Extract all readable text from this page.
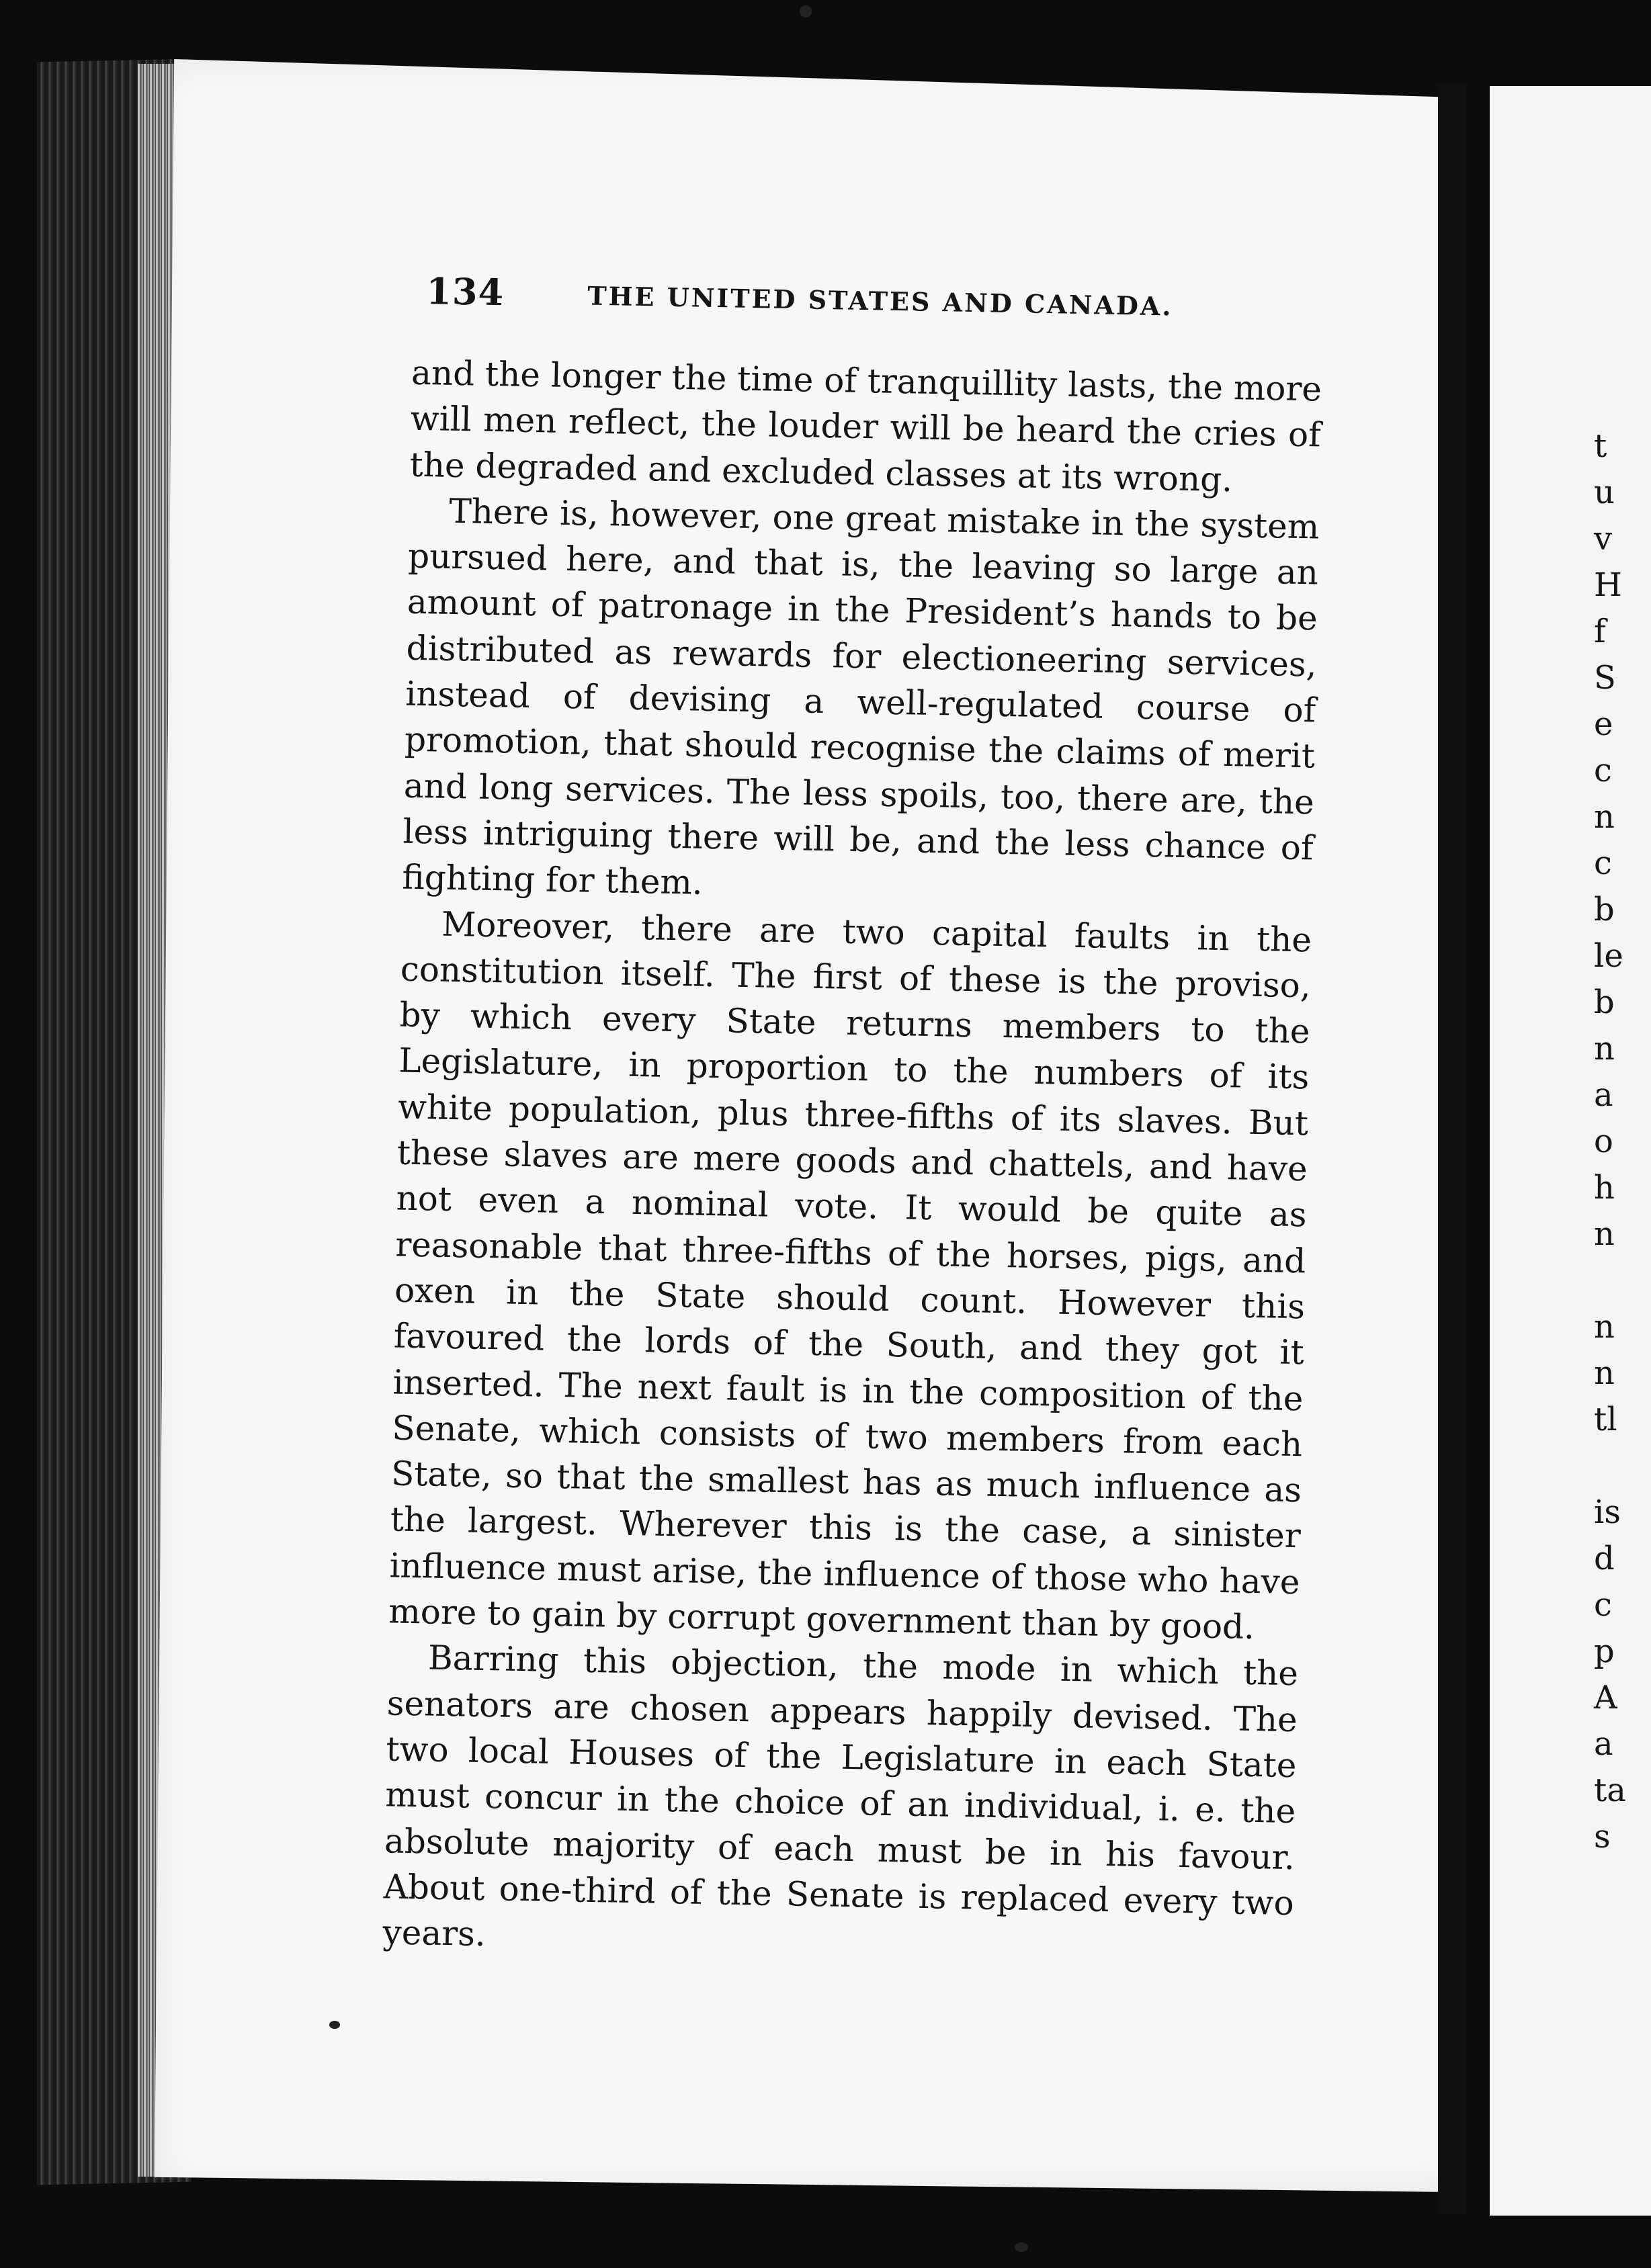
t
u
v
H
f
S
e
c
n
c
b
le
b
n
a
o
h
n
n
n
tl
is
d
c
p
A
a
ta
s
134	THE UNITED STATES AND CANADA.

and the longer the time of tranquillity lasts, the more will men reflect, the louder will be heard the cries of the degraded and excluded classes at its wrong.

There is, however, one great mistake in the system pursued here, and that is, the leaving so large an amount of patronage in the President’s hands to be distributed as rewards for electioneering services, instead of devising a well-regulated course of promotion, that should recognise the claims of merit and long services. The less spoils, too, there are, the less intriguing there will be, and the less chance of fighting for them.

Moreover, there are two capital faults in the constitution itself. The first of these is the proviso, by which every State returns members to the Legislature, in proportion to the numbers of its white population, plus three-fifths of its slaves. But these slaves are mere goods and chattels, and have not even a nominal vote. It would be quite as reasonable that three-fifths of the horses, pigs, and oxen in the State should count. However this favoured the lords of the South, and they got it inserted. The next fault is in the composition of the Senate, which consists of two members from each State, so that the smallest has as much influence as the largest. Wherever this is the case, a sinister influence must arise, the influence of those who have more to gain by corrupt government than by good.

Barring this objection, the mode in which the senators are chosen appears happily devised. The two local Houses of the Legislature in each State must concur in the choice of an individual, i. e. the absolute majority of each must be in his favour. About one-third of the Senate is replaced every two years.
